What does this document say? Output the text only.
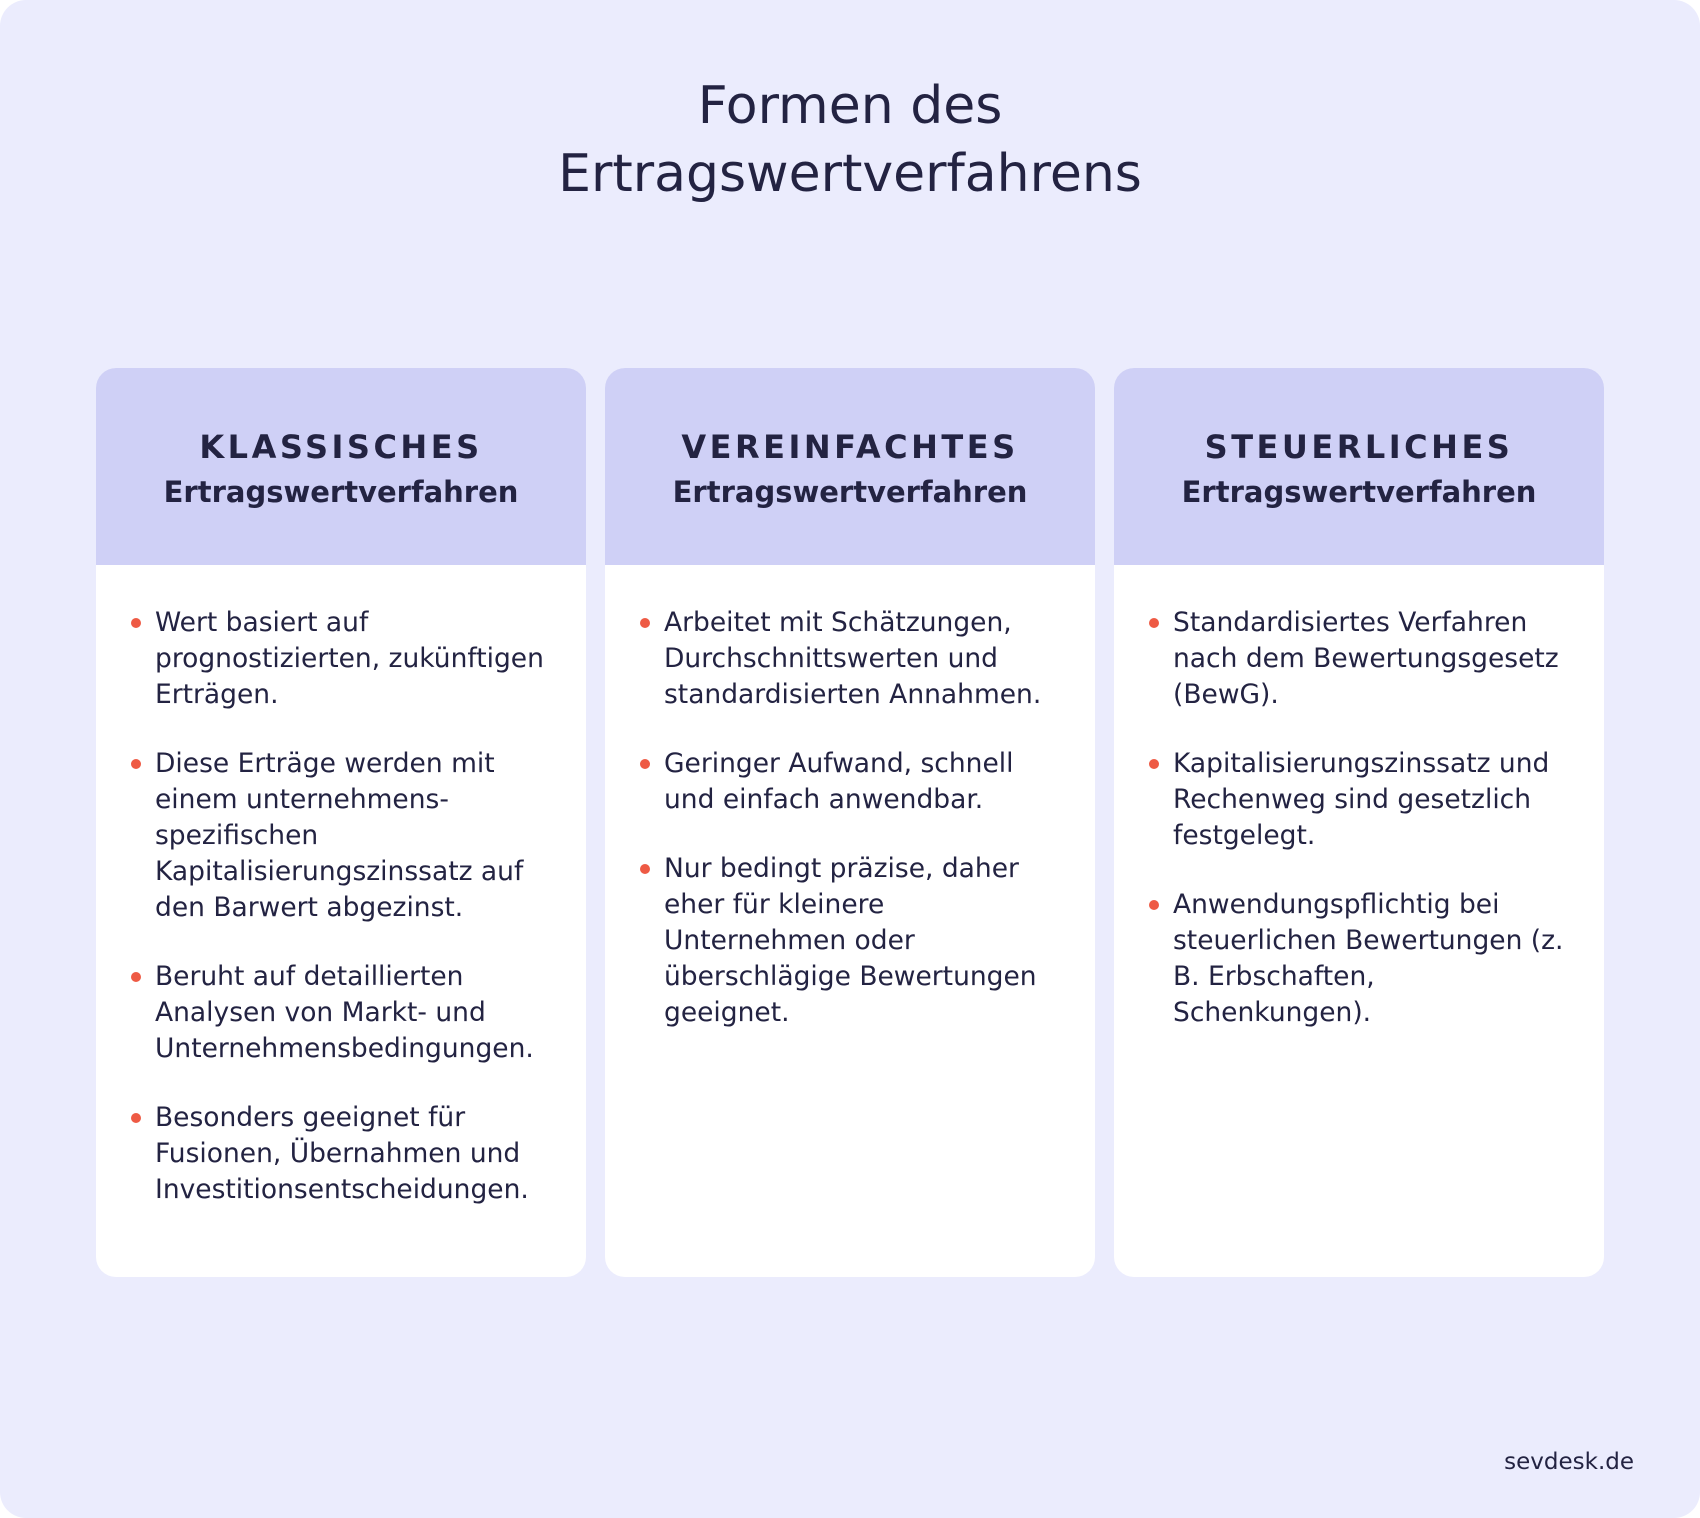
Formen des
Ertragswertverfahrens
KLASSISCHES
Ertragswertverfahren
Wert basiert auf prognostizierten, zukünftigen Erträgen.
Diese Erträge werden mit einem unternehmens-spezifischen Kapitalisierungszinssatz auf den Barwert abgezinst.
Beruht auf detaillierten Analysen von Markt- und Unternehmensbedingungen.
Besonders geeignet für Fusionen, Übernahmen und Investitionsentscheidungen.
VEREINFACHTES
Ertragswertverfahren
Arbeitet mit Schätzungen, Durchschnittswerten und standardisierten Annahmen.
Geringer Aufwand, schnell und einfach anwendbar.
Nur bedingt präzise, daher eher für kleinere Unternehmen oder überschlägige Bewertungen geeignet.
STEUERLICHES
Ertragswertverfahren
Standardisiertes Verfahren nach dem Bewertungsgesetz (BewG).
Kapitalisierungszinssatz und Rechenweg sind gesetzlich festgelegt.
Anwendungspflichtig bei steuerlichen Bewertungen (z. B. Erbschaften, Schenkungen).
sevdesk.de
